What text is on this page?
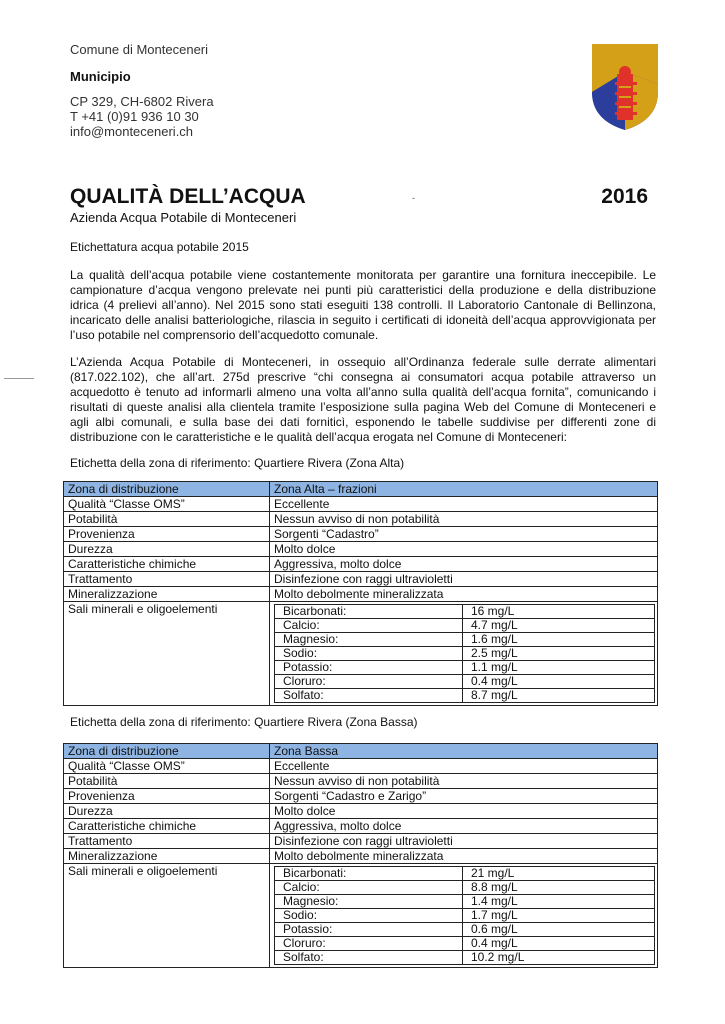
Comune di Monteceneri
Municipio
CP 329, CH-6802 Rivera
T +41 (0)91 936 10 30
info@monteceneri.ch
QUALITÀ DELL’ACQUA	-	2016
Azienda Acqua Potabile di Monteceneri
Etichettatura acqua potabile 2015
La qualità dell’acqua potabile viene costantemente monitorata per garantire una fornitura ineccepibile. Le campionature d’acqua vengono prelevate nei punti più caratteristici della produzione e della distribuzione idrica (4 prelievi all’anno). Nel 2015 sono stati eseguiti 138 controlli. Il Laboratorio Cantonale di Bellinzona, incaricato delle analisi batteriologiche, rilascia in seguito i certificati di idoneità dell’acqua approvvigionata per l’uso potabile nel comprensorio dell’acquedotto comunale.
L’Azienda Acqua Potabile di Monteceneri, in ossequio all’Ordinanza federale sulle derrate alimentari (817.022.102), che all’art. 275d prescrive “chi consegna ai consumatori acqua potabile attraverso un acquedotto è tenuto ad informarli almeno una volta all’anno sulla qualità dell’acqua fornita”, comunicando i risultati di queste analisi alla clientela tramite l’esposizione sulla pagina Web del Comune di Monteceneri e agli albi comunali, e sulla base dei dati forniticì, esponendo le tabelle suddivise per differenti zone di distribuzione con le caratteristiche e le qualità dell’acqua erogata nel Comune di Monteceneri:
Etichetta della zona di riferimento: Quartiere Rivera (Zona Alta)
Zona di distribuzione	Zona Alta – frazioni
Qualità “Classe OMS”	Eccellente
Potabilità	Nessun avviso di non potabilità
Provenienza	Sorgenti “Cadastro”
Durezza	Molto dolce
Caratteristiche chimiche	Aggressiva, molto dolce
Trattamento	Disinfezione con raggi ultravioletti
Mineralizzazione	Molto debolmente mineralizzata
Sali minerali e oligoelementi		Bicarbonati:	16 mg/L
Calcio:	4.7 mg/L
Magnesio:	1.6 mg/L
Sodio:	2.5 mg/L
Potassio:	1.1 mg/L
Cloruro:	0.4 mg/L
Solfato:	8.7 mg/L
Etichetta della zona di riferimento: Quartiere Rivera (Zona Bassa)
Zona di distribuzione	Zona Bassa
Qualità “Classe OMS”	Eccellente
Potabilità	Nessun avviso di non potabilità
Provenienza	Sorgenti “Cadastro e Zarigo”
Durezza	Molto dolce
Caratteristiche chimiche	Aggressiva, molto dolce
Trattamento	Disinfezione con raggi ultravioletti
Mineralizzazione	Molto debolmente mineralizzata
Sali minerali e oligoelementi		Bicarbonati:	21 mg/L
Calcio:	8.8 mg/L
Magnesio:	1.4 mg/L
Sodio:	1.7 mg/L
Potassio:	0.6 mg/L
Cloruro:	0.4 mg/L
Solfato:	10.2 mg/L
